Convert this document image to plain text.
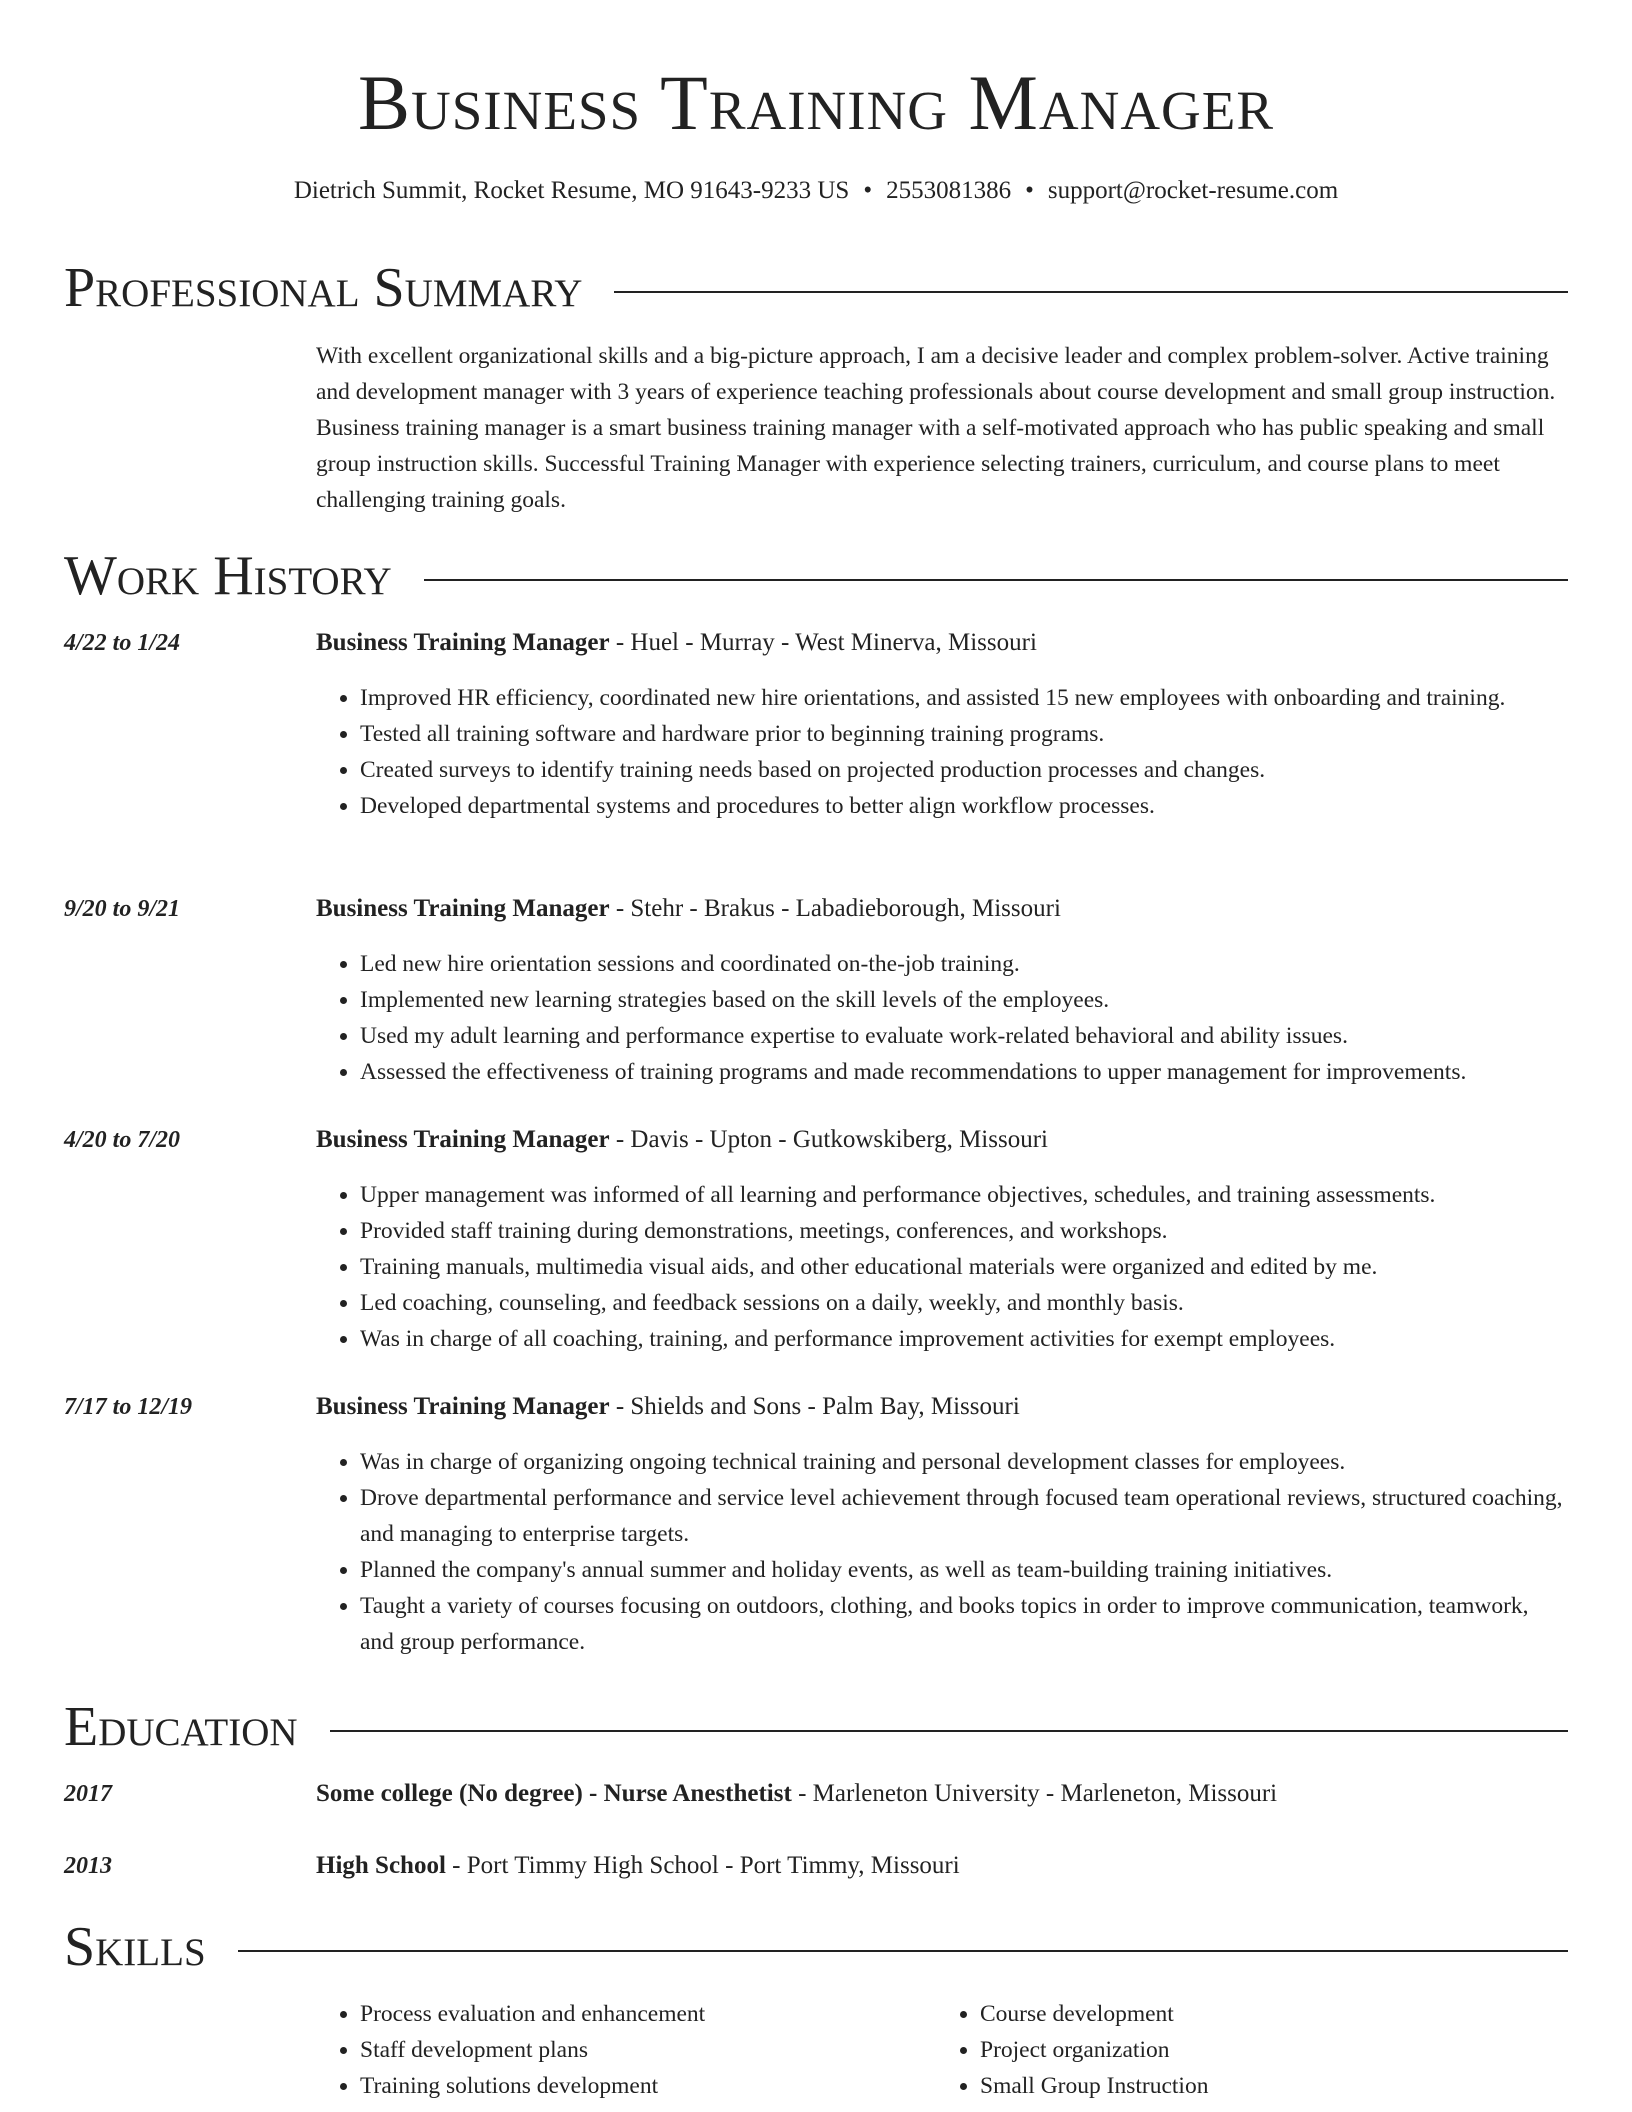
Business Training Manager
Dietrich Summit, Rocket Resume, MO 91643-9233 US • 2553081386 • support@rocket-resume.com
Professional Summary
With excellent organizational skills and a big-picture approach, I am a decisive leader and complex problem-solver. Active training and development manager with 3 years of experience teaching professionals about course development and small group instruction. Business training manager is a smart business training manager with a self-motivated approach who has public speaking and small group instruction skills. Successful Training Manager with experience selecting trainers, curriculum, and course plans to meet challenging training goals.
Work History
4/22 to 1/24	Business Training Manager - Huel - Murray - West Minerva, Missouri
• Improved HR efficiency, coordinated new hire orientations, and assisted 15 new employees with onboarding and training.
• Tested all training software and hardware prior to beginning training programs.
• Created surveys to identify training needs based on projected production processes and changes.
• Developed departmental systems and procedures to better align workflow processes.
9/20 to 9/21	Business Training Manager - Stehr - Brakus - Labadieborough, Missouri
• Led new hire orientation sessions and coordinated on-the-job training.
• Implemented new learning strategies based on the skill levels of the employees.
• Used my adult learning and performance expertise to evaluate work-related behavioral and ability issues.
• Assessed the effectiveness of training programs and made recommendations to upper management for improvements.
4/20 to 7/20	Business Training Manager - Davis - Upton - Gutkowskiberg, Missouri
• Upper management was informed of all learning and performance objectives, schedules, and training assessments.
• Provided staff training during demonstrations, meetings, conferences, and workshops.
• Training manuals, multimedia visual aids, and other educational materials were organized and edited by me.
• Led coaching, counseling, and feedback sessions on a daily, weekly, and monthly basis.
• Was in charge of all coaching, training, and performance improvement activities for exempt employees.
7/17 to 12/19	Business Training Manager - Shields and Sons - Palm Bay, Missouri
• Was in charge of organizing ongoing technical training and personal development classes for employees.
• Drove departmental performance and service level achievement through focused team operational reviews, structured coaching, and managing to enterprise targets.
• Planned the company's annual summer and holiday events, as well as team-building training initiatives.
• Taught a variety of courses focusing on outdoors, clothing, and books topics in order to improve communication, teamwork, and group performance.
Education
2017	Some college (No degree) - Nurse Anesthetist - Marleneton University - Marleneton, Missouri
2013	High School - Port Timmy High School - Port Timmy, Missouri
Skills
• Process evaluation and enhancement
• Staff development plans
• Training solutions development
• Course development
• Project organization
• Small Group Instruction
